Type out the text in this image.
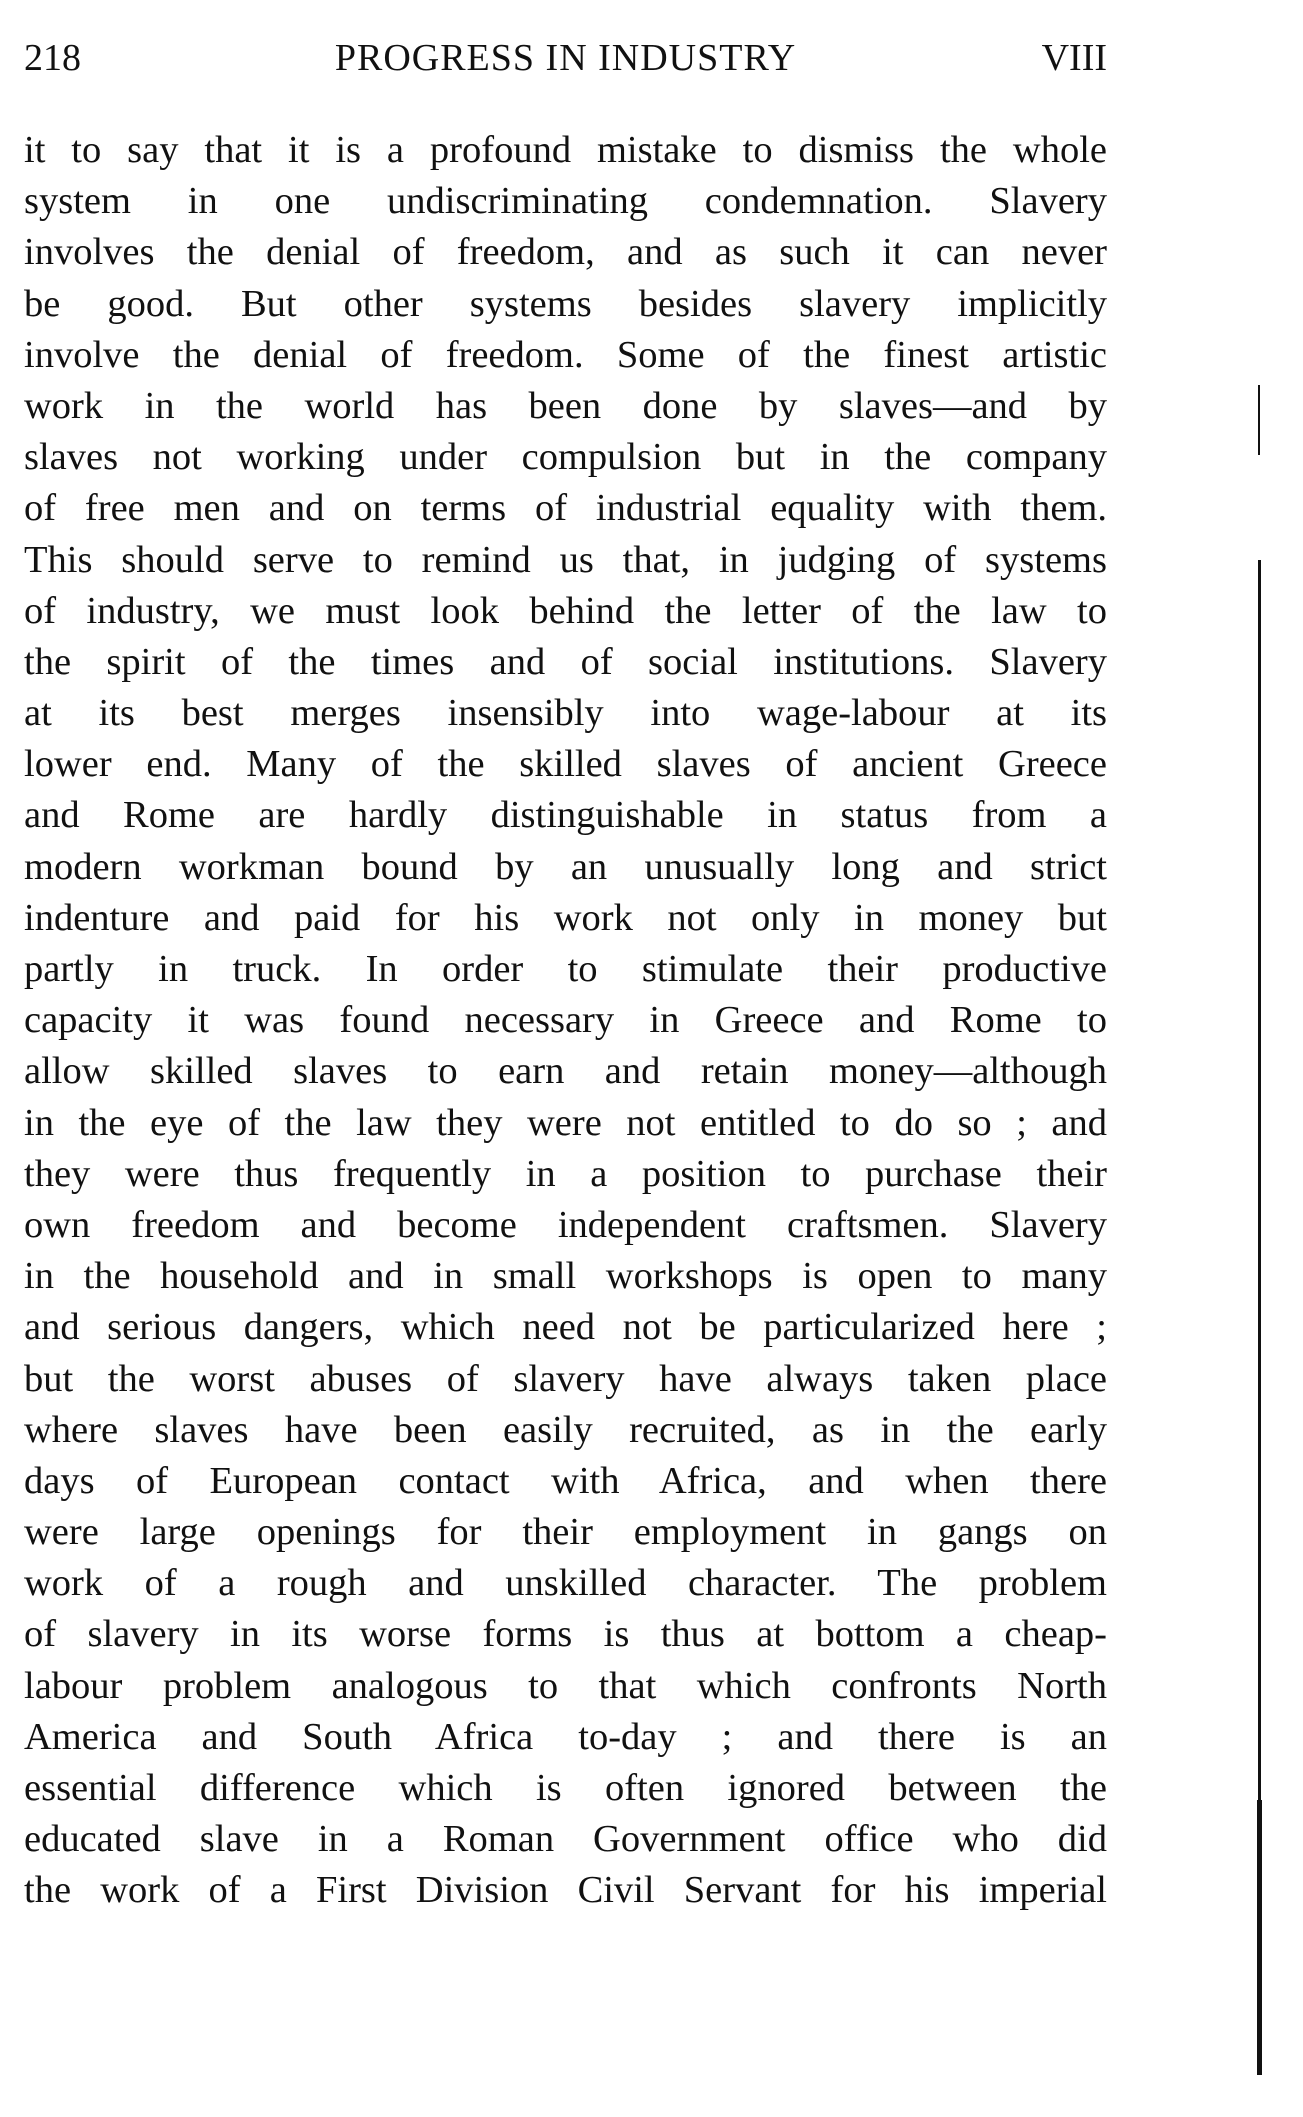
218	PROGRESS IN INDUSTRY	VIII
it to say that it is a profound mistake to dismiss the whole
system in one undiscriminating condemnation. Slavery
involves the denial of freedom, and as such it can never
be good. But other systems besides slavery implicitly
involve the denial of freedom. Some of the finest artistic
work in the world has been done by slaves—and by
slaves not working under compulsion but in the company
of free men and on terms of industrial equality with them.
This should serve to remind us that, in judging of systems
of industry, we must look behind the letter of the law to
the spirit of the times and of social institutions. Slavery
at its best merges insensibly into wage-labour at its
lower end. Many of the skilled slaves of ancient Greece
and Rome are hardly distinguishable in status from a
modern workman bound by an unusually long and strict
indenture and paid for his work not only in money but
partly in truck. In order to stimulate their productive
capacity it was found necessary in Greece and Rome to
allow skilled slaves to earn and retain money—although
in the eye of the law they were not entitled to do so ; and
they were thus frequently in a position to purchase their
own freedom and become independent craftsmen. Slavery
in the household and in small workshops is open to many
and serious dangers, which need not be particularized here ;
but the worst abuses of slavery have always taken place
where slaves have been easily recruited, as in the early
days of European contact with Africa, and when there
were large openings for their employment in gangs on
work of a rough and unskilled character. The problem
of slavery in its worse forms is thus at bottom a cheap-
labour problem analogous to that which confronts North
America and South Africa to-day ; and there is an
essential difference which is often ignored between the
educated slave in a Roman Government office who did
the work of a First Division Civil Servant for his imperial
